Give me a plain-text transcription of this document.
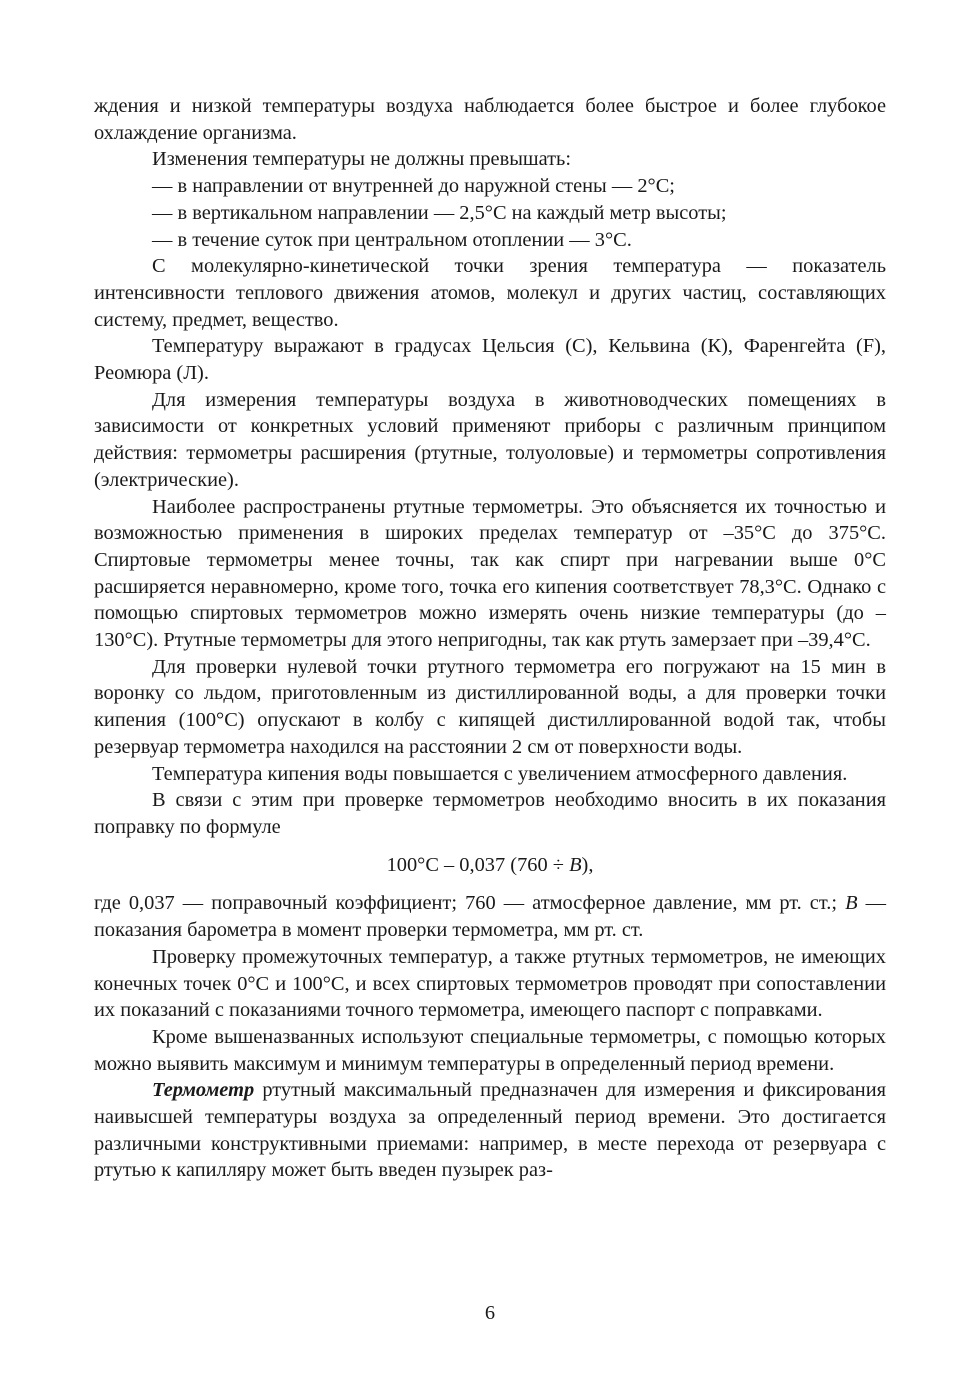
ждения и низкой температуры воздуха наблюдается более быстрое и более глубокое охлаждение организма.

Изменения температуры не должны превышать:

— в направлении от внутренней до наружной стены — 2°С;

— в вертикальном направлении — 2,5°С на каждый метр высоты;

— в течение суток при центральном отоплении — 3°С.

С молекулярно-кинетической точки зрения температура — показатель интенсивности теплового движения атомов, молекул и других частиц, составляющих систему, предмет, вещество.

Температуру выражают в градусах Цельсия (С), Кельвина (К), Фаренгейта (F), Реомюра (Л).

Для измерения температуры воздуха в животноводческих помещениях в зависимости от конкретных условий применяют приборы с различным принципом действия: термометры расширения (ртутные, толуоловые) и термометры сопротивления (электрические).

Наиболее распространены ртутные термометры. Это объясняется их точностью и возможностью применения в широких пределах температур от –35°С до 375°С. Спиртовые термометры менее точны, так как спирт при нагревании выше 0°С расширяется неравномерно, кроме того, точка его кипения соответствует 78,3°С. Однако с помощью спиртовых термометров можно измерять очень низкие температуры (до –130°С). Ртутные термометры для этого непригодны, так как ртуть замерзает при –39,4°С.

Для проверки нулевой точки ртутного термометра его погружают на 15 мин в воронку со льдом, приготовленным из дистиллированной воды, а для проверки точки кипения (100°С) опускают в колбу с кипящей дистиллированной водой так, чтобы резервуар термометра находился на расстоянии 2 см от поверхности воды.

Температура кипения воды повышается с увеличением атмосферного давления.

В связи с этим при проверке термометров необходимо вносить в их показания поправку по формуле

100°С – 0,037 (760 ÷ B),

где 0,037 — поправочный коэффициент; 760 — атмосферное давление, мм рт. ст.; B — показания барометра в момент проверки термометра, мм рт. ст.

Проверку промежуточных температур, а также ртутных термометров, не имеющих конечных точек 0°С и 100°С, и всех спиртовых термометров проводят при сопоставлении их показаний с показаниями точного термометра, имеющего паспорт с поправками.

Кроме вышеназванных используют специальные термометры, с помощью которых можно выявить максимум и минимум температуры в определенный период времени.

Термометр ртутный максимальный предназначен для измерения и фиксирования наивысшей температуры воздуха за определенный период времени. Это достигается различными конструктивными приемами: например, в месте перехода от резервуара с ртутью к капилляру может быть введен пузырек раз-

6
